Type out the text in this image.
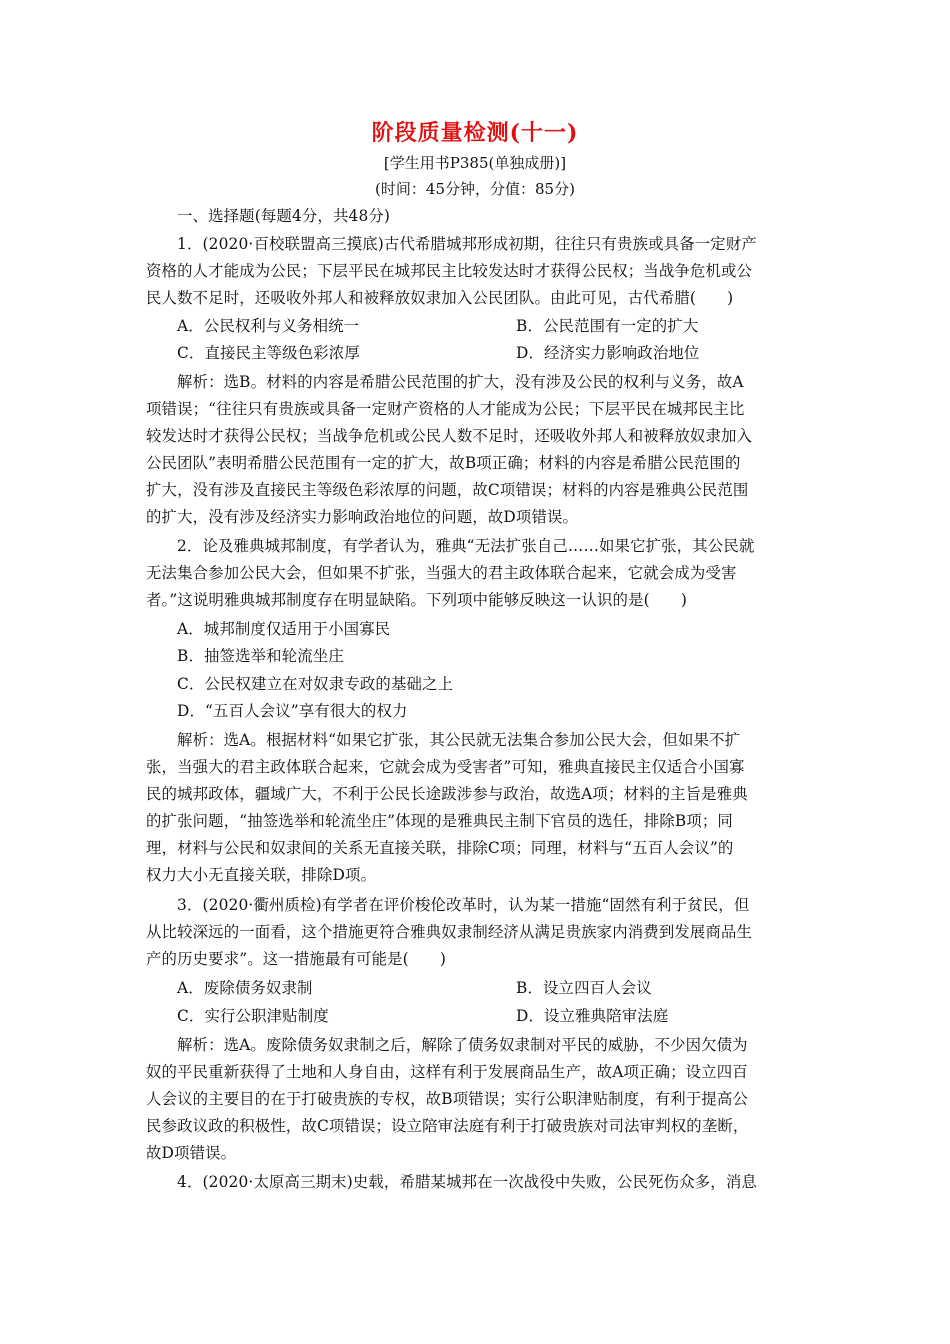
阶段质量检测(十一)
[学生用书P385(单独成册)]
(时间：45分钟，分值：85分)
一、选择题(每题4分，共48分)
1．(2020·百校联盟高三摸底)古代希腊城邦形成初期，往往只有贵族或具备一定财产
资格的人才能成为公民；下层平民在城邦民主比较发达时才获得公民权；当战争危机或公
民人数不足时，还吸收外邦人和被释放奴隶加入公民团队。由此可见，古代希腊(　　)
A．公民权利与义务相统一	B．公民范围有一定的扩大
C．直接民主等级色彩浓厚	D．经济实力影响政治地位
解析：选B。材料的内容是希腊公民范围的扩大，没有涉及公民的权利与义务，故A
项错误；“往往只有贵族或具备一定财产资格的人才能成为公民；下层平民在城邦民主比
较发达时才获得公民权；当战争危机或公民人数不足时，还吸收外邦人和被释放奴隶加入
公民团队”表明希腊公民范围有一定的扩大，故B项正确；材料的内容是希腊公民范围的
扩大，没有涉及直接民主等级色彩浓厚的问题，故C项错误；材料的内容是雅典公民范围
的扩大，没有涉及经济实力影响政治地位的问题，故D项错误。
2．论及雅典城邦制度，有学者认为，雅典“无法扩张自己……如果它扩张，其公民就
无法集合参加公民大会，但如果不扩张，当强大的君主政体联合起来，它就会成为受害
者。”这说明雅典城邦制度存在明显缺陷。下列项中能够反映这一认识的是(　　)
A．城邦制度仅适用于小国寡民
B．抽签选举和轮流坐庄
C．公民权建立在对奴隶专政的基础之上
D．“五百人会议”享有很大的权力
解析：选A。根据材料“如果它扩张，其公民就无法集合参加公民大会，但如果不扩
张，当强大的君主政体联合起来，它就会成为受害者”可知，雅典直接民主仅适合小国寡
民的城邦政体，疆域广大，不利于公民长途跋涉参与政治，故选A项；材料的主旨是雅典
的扩张问题，“抽签选举和轮流坐庄”体现的是雅典民主制下官员的选任，排除B项；同
理，材料与公民和奴隶间的关系无直接关联，排除C项；同理，材料与“五百人会议”的
权力大小无直接关联，排除D项。
3．(2020·衢州质检)有学者在评价梭伦改革时，认为某一措施“固然有利于贫民，但
从比较深远的一面看，这个措施更符合雅典奴隶制经济从满足贵族家内消费到发展商品生
产的历史要求”。这一措施最有可能是(　　)
A．废除债务奴隶制	B．设立四百人会议
C．实行公职津贴制度	D．设立雅典陪审法庭
解析：选A。废除债务奴隶制之后，解除了债务奴隶制对平民的威胁，不少因欠债为
奴的平民重新获得了土地和人身自由，这样有利于发展商品生产，故A项正确；设立四百
人会议的主要目的在于打破贵族的专权，故B项错误；实行公职津贴制度，有利于提高公
民参政议政的积极性，故C项错误；设立陪审法庭有利于打破贵族对司法审判权的垄断，
故D项错误。
4．(2020·太原高三期末)史载，希腊某城邦在一次战役中失败，公民死伤众多，消息
